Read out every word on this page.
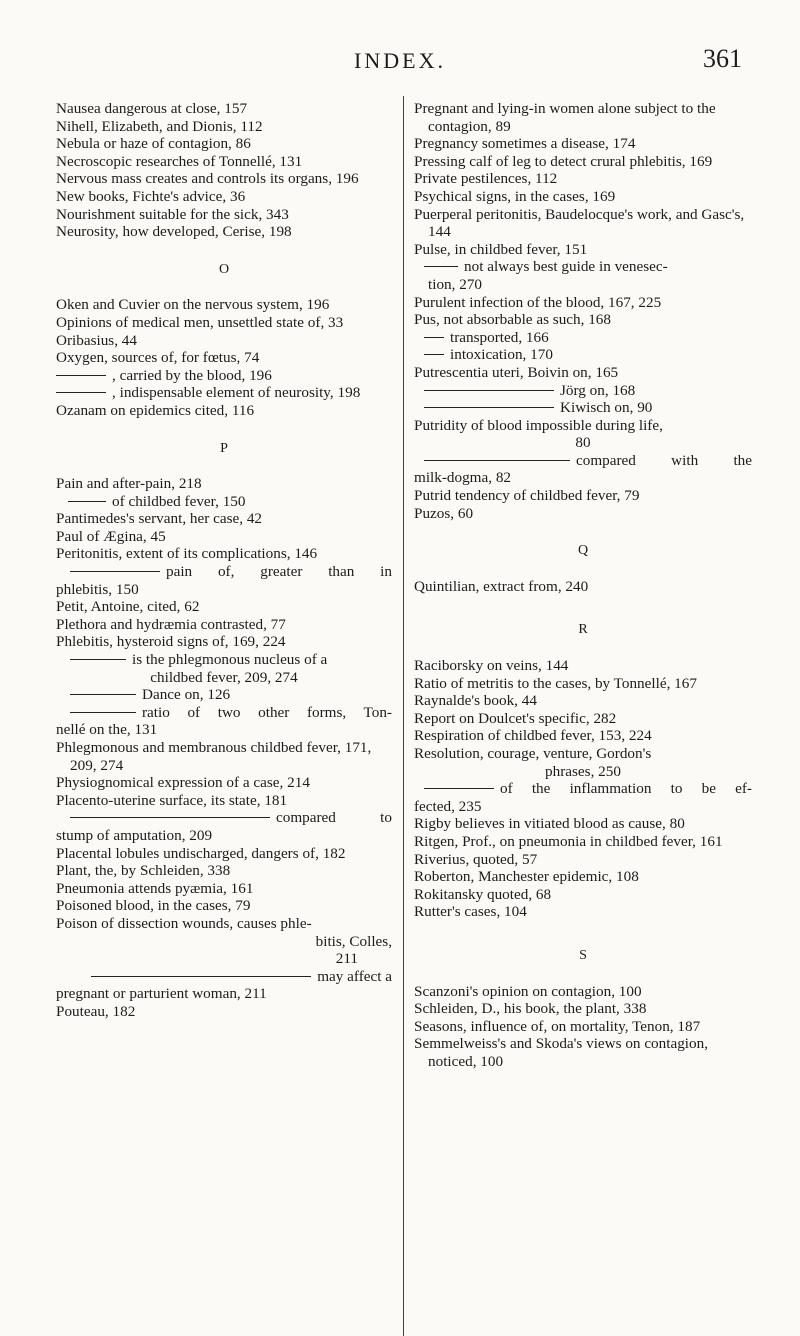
INDEX.	361
Nausea dangerous at close, 157
Nihell, Elizabeth, and Dionis, 112
Nebula or haze of contagion, 86
Necroscopic researches of Tonnellé, 131
Nervous mass creates and controls its organs, 196
New books, Fichte's advice, 36
Nourishment suitable for the sick, 343
Neurosity, how developed, Cerise, 198
O
Oken and Cuvier on the nervous system, 196
Opinions of medical men, unsettled state of, 33
Oribasius, 44
Oxygen, sources of, for fœtus, 74
, carried by the blood, 196
, indispensable element of neurosity, 198
Ozanam on epidemics cited, 116
P
Pain and after-pain, 218
of childbed fever, 150
Pantimedes's servant, her case, 42
Paul of Ægina, 45
Peritonitis, extent of its complications, 146
pain of, greater than in
phlebitis, 150
Petit, Antoine, cited, 62
Plethora and hydræmia contrasted, 77
Phlebitis, hysteroid signs of, 169, 224
is the phlegmonous nucleus of a
childbed fever, 209, 274
Dance on, 126
ratio of two other forms, Ton-
nellé on the, 131
Phlegmonous and membranous childbed fever, 171, 209, 274
Physiognomical expression of a case, 214
Placento-uterine surface, its state, 181
compared to
stump of amputation, 209
Placental lobules undischarged, dangers of, 182
Plant, the, by Schleiden, 338
Pneumonia attends pyæmia, 161
Poisoned blood, in the cases, 79
Poison of dissection wounds, causes phle-
bitis, Colles,
211
may affect a
pregnant or parturient woman, 211
Pouteau, 182
Pregnant and lying-in women alone subject to the contagion, 89
Pregnancy sometimes a disease, 174
Pressing calf of leg to detect crural phlebitis, 169
Private pestilences, 112
Psychical signs, in the cases, 169
Puerperal peritonitis, Baudelocque's work, and Gasc's, 144
Pulse, in childbed fever, 151
not always best guide in venesec-
tion, 270
Purulent infection of the blood, 167, 225
Pus, not absorbable as such, 168
transported, 166
intoxication, 170
Putrescentia uteri, Boivin on, 165
Jörg on, 168
Kiwisch on, 90
Putridity of blood impossible during life,
80
compared with the
milk-dogma, 82
Putrid tendency of childbed fever, 79
Puzos, 60
Q
Quintilian, extract from, 240
R
Raciborsky on veins, 144
Ratio of metritis to the cases, by Tonnellé, 167
Raynalde's book, 44
Report on Doulcet's specific, 282
Respiration of childbed fever, 153, 224
Resolution, courage, venture, Gordon's
phrases, 250
of the inflammation to be ef-
fected, 235
Rigby believes in vitiated blood as cause, 80
Ritgen, Prof., on pneumonia in childbed fever, 161
Riverius, quoted, 57
Roberton, Manchester epidemic, 108
Rokitansky quoted, 68
Rutter's cases, 104
S
Scanzoni's opinion on contagion, 100
Schleiden, D., his book, the plant, 338
Seasons, influence of, on mortality, Tenon, 187
Semmelweiss's and Skoda's views on contagion, noticed, 100
